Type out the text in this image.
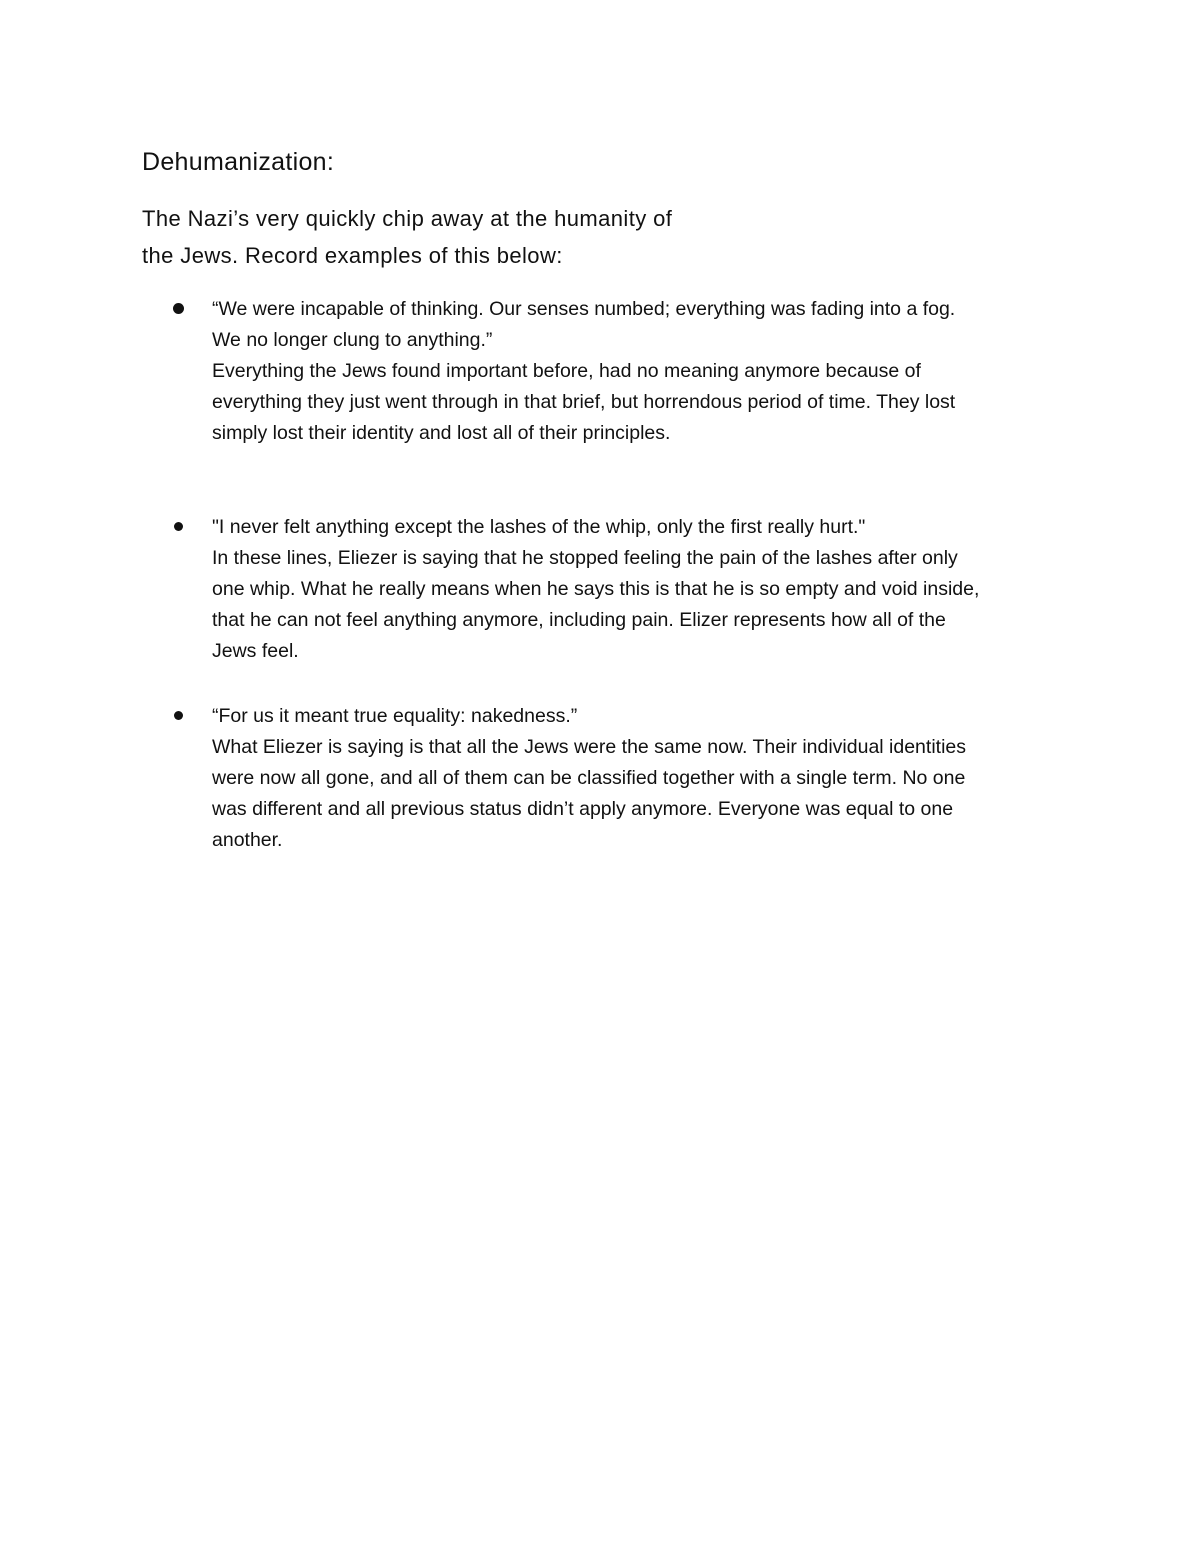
Dehumanization:

The Nazi’s very quickly chip away at the humanity of
the Jews. Record examples of this below:

“We were incapable of thinking. Our senses numbed; everything was fading into a fog.
We no longer clung to anything.”
Everything the Jews found important before, had no meaning anymore because of
everything they just went through in that brief, but horrendous period of time. They lost
simply lost their identity and lost all of their principles.
"I never felt anything except the lashes of the whip, only the first really hurt."
In these lines, Eliezer is saying that he stopped feeling the pain of the lashes after only
one whip. What he really means when he says this is that he is so empty and void inside,
that he can not feel anything anymore, including pain. Elizer represents how all of the
Jews feel.
“For us it meant true equality: nakedness.”
What Eliezer is saying is that all the Jews were the same now. Their individual identities
were now all gone, and all of them can be classified together with a single term. No one
was different and all previous status didn’t apply anymore. Everyone was equal to one
another.
